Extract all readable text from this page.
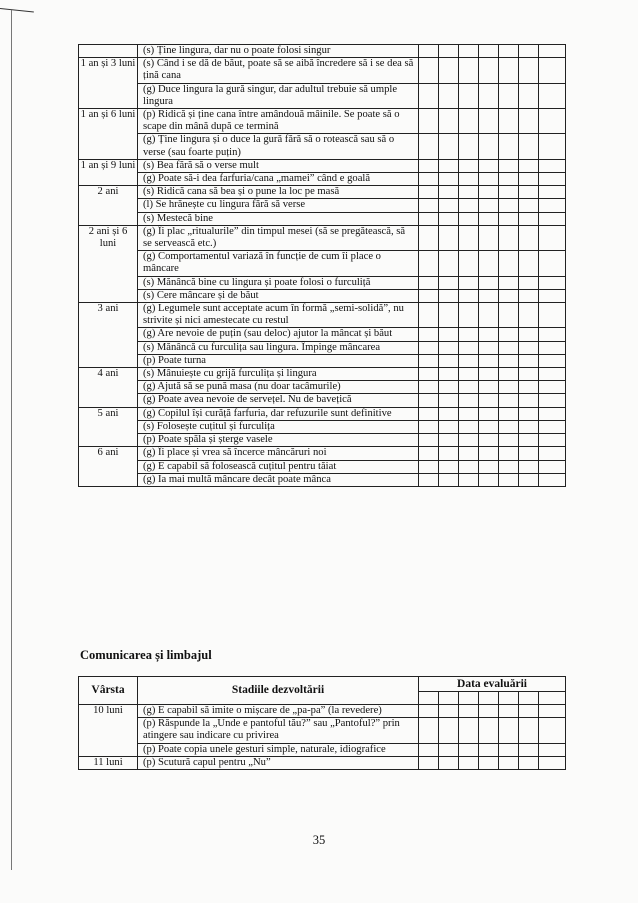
	(s) Ține lingura, dar nu o poate folosi singur							
1 an și 3 luni	(s) Când i se dă de băut, poate să se aibă încredere să i se dea să țină cana							
	(g) Duce lingura la gură singur, dar adultul trebuie să umple lingura							
1 an și 6 luni	(p) Ridică și ține cana între amândouă mâinile. Se poate să o scape din mână după ce termină							
	(g) Ține lingura și o duce la gură fără să o rotească sau să o verse (sau foarte puțin)							
1 an și 9 luni	(s) Bea fără să o verse mult							
	(g) Poate să-i dea farfuria/cana „mamei” când e goală							
2 ani	(s) Ridică cana să bea și o pune la loc pe masă							
	(l) Se hrănește cu lingura fără să verse							
	(s) Mestecă bine							
2 ani și 6 luni	(g) Îi plac „ritualurile” din timpul mesei (să se pregătească, să se servească etc.)							
	(g) Comportamentul variază în funcție de cum îi place o mâncare							
	(s) Mănâncă bine cu lingura și poate folosi o furculiță							
	(s) Cere mâncare și de băut							
3 ani	(g) Legumele sunt acceptate acum în formă „semi-solidă”, nu strivite și nici amestecate cu restul							
	(g) Are nevoie de puțin (sau deloc) ajutor la mâncat și băut							
	(s) Mănâncă cu furculița sau lingura. Împinge mâncarea							
	(p) Poate turna							
4 ani	(s) Mânuiește cu grijă furculița și lingura							
	(g) Ajută să se pună masa (nu doar tacâmurile)							
	(g) Poate avea nevoie de servețel. Nu de bavețică							
5 ani	(g) Copilul își curăță farfuria, dar refuzurile sunt definitive							
	(s) Folosește cuțitul și furculița							
	(p) Poate spăla și șterge vasele							
6 ani	(g) Îi place și vrea să încerce mâncăruri noi							
	(g) E capabil să folosească cuțitul pentru tăiat							
	(g) Ia mai multă mâncare decât poate mânca							
Comunicarea și limbajul
Vârsta	Stadiile dezvoltării	Data evaluării						

10 luni	(g) E capabil să imite o mișcare de „pa-pa” (la revedere)							
	(p) Răspunde la „Unde e pantoful tău?” sau „Pantoful?” prin atingere sau indicare cu privirea							
	(p) Poate copia unele gesturi simple, naturale, idiografice							
11 luni	(p) Scutură capul pentru „Nu”							
35
